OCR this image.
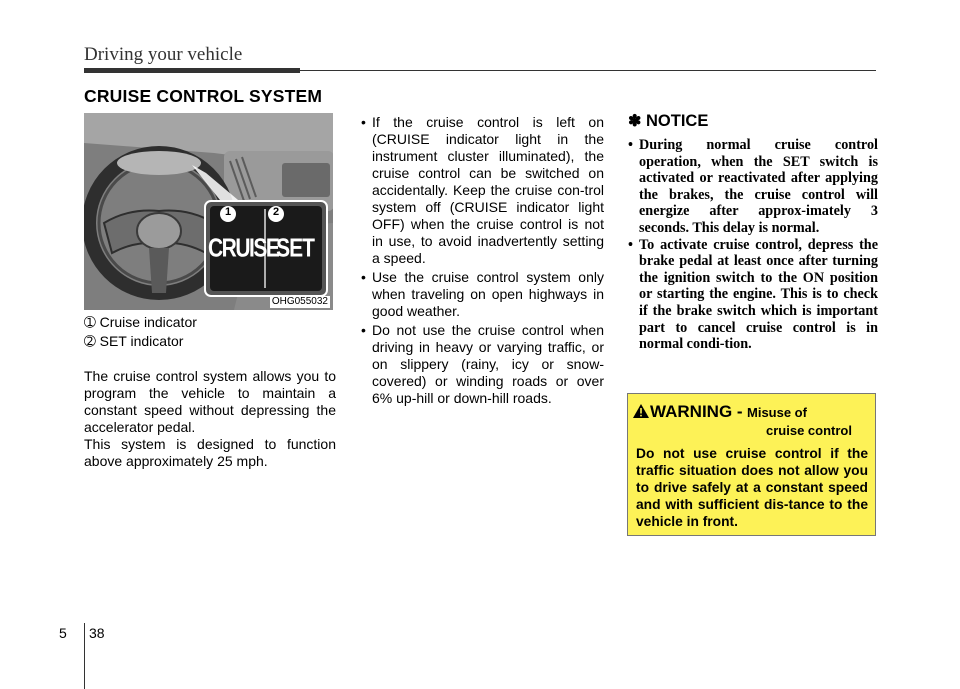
Driving your vehicle
CRUISE CONTROL SYSTEM
1	2
CRUISE
SET
OHG055032
➀ Cruise indicator
➁ SET indicator

The cruise control system allows you to program the vehicle to maintain a constant speed without depressing the accelerator pedal.

This system is designed to function above approximately 25 mph.

• If the cruise control is left on (CRUISE indicator light in the instrument cluster illuminated), the cruise control can be switched on accidentally. Keep the cruise con-trol system off (CRUISE indicator light OFF) when the cruise control is not in use, to avoid inadvertently setting a speed.
• Use the cruise control system only when traveling on open highways in good weather.
• Do not use the cruise control when driving in heavy or varying traffic, or on slippery (rainy, icy or snow-covered) or winding roads or over 6% up-hill or down-hill roads.
✽ NOTICE
• During normal cruise control operation, when the SET switch is activated or reactivated after applying the brakes, the cruise control will energize after approx-imately 3 seconds. This delay is normal.
• To activate cruise control, depress the brake pedal at least once after turning the ignition switch to the ON position or starting the engine. This is to check if the brake switch which is important part to cancel cruise control is in normal condi-tion.
WARNING - Misuse of
cruise control
Do not use cruise control if the traffic situation does not allow you to drive safely at a constant speed and with sufficient dis-tance to the vehicle in front.
5 38
